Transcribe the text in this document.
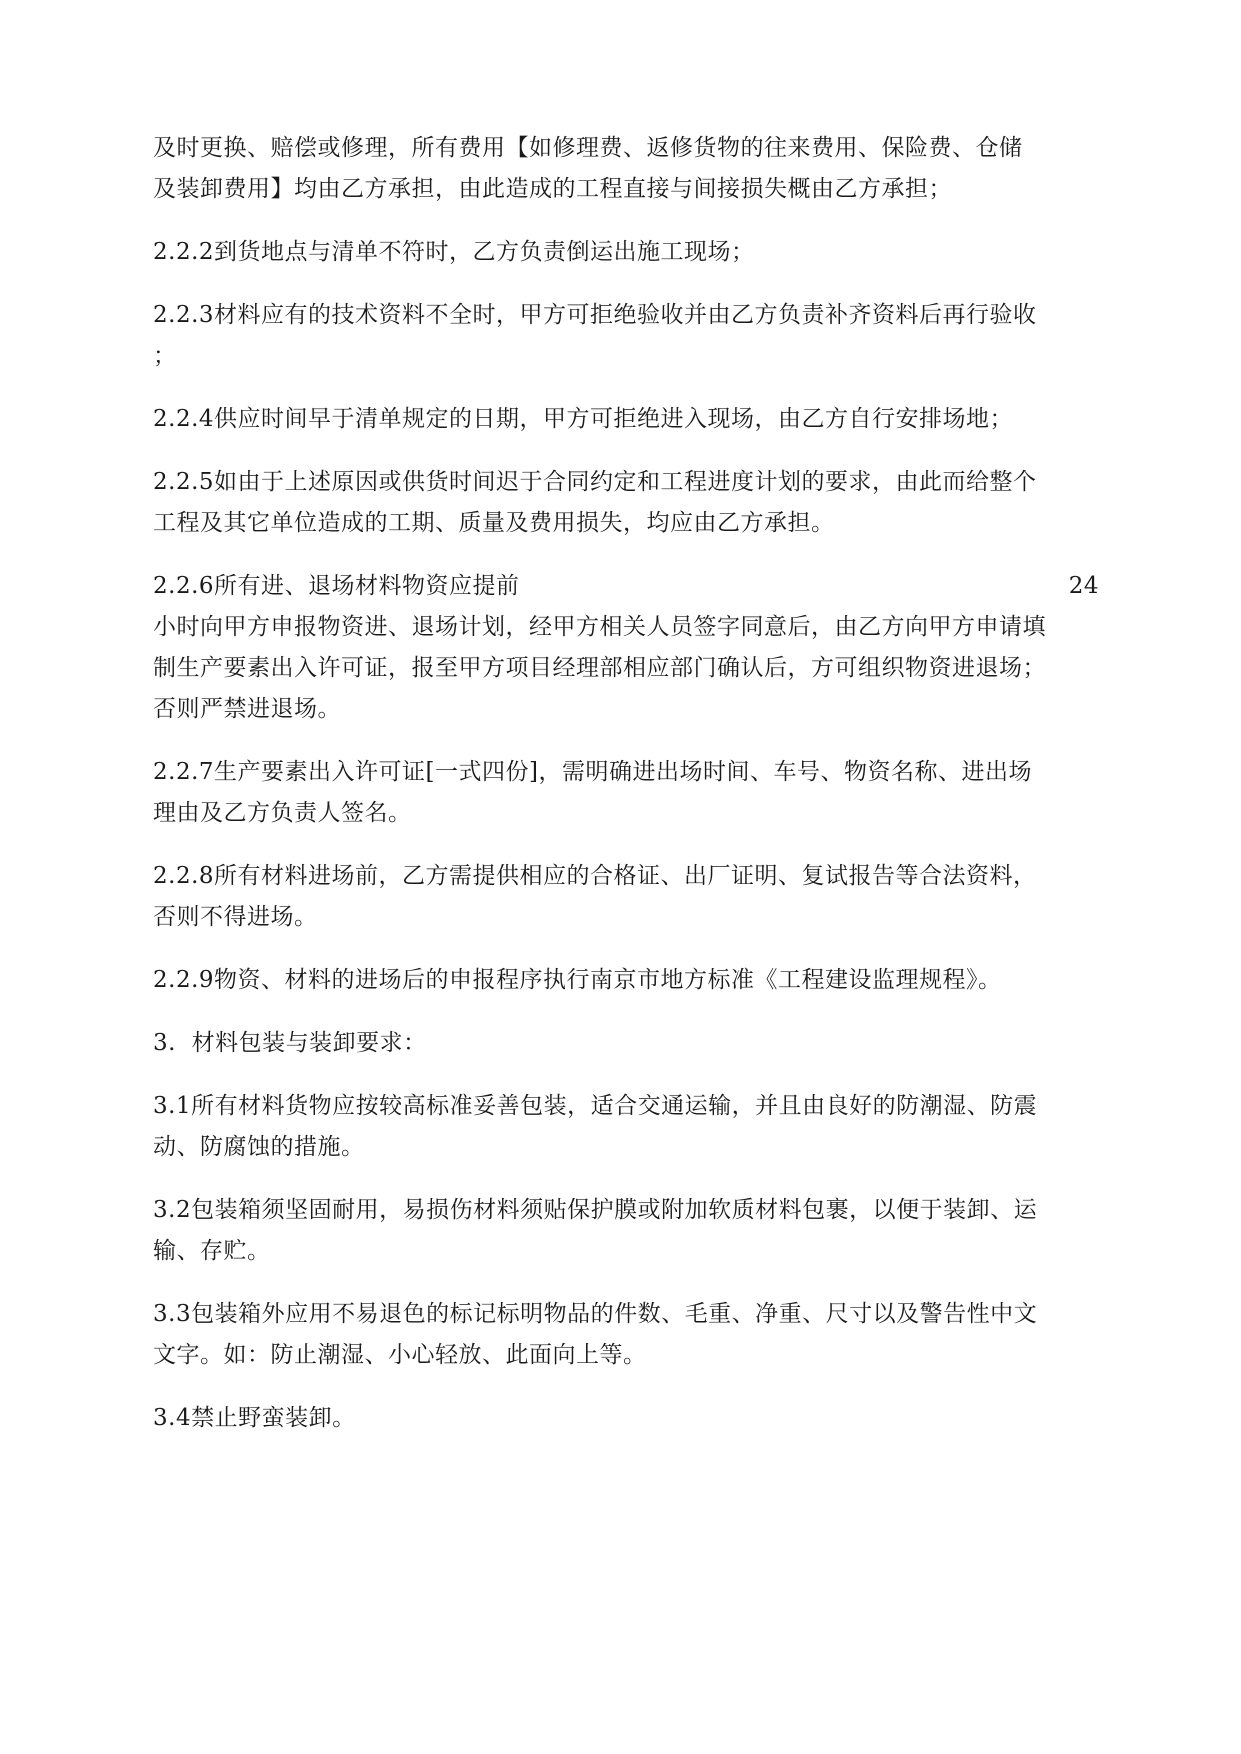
及时更换、赔偿或修理，所有费用【如修理费、返修货物的往来费用、保险费、仓储
及装卸费用】均由乙方承担，由此造成的工程直接与间接损失概由乙方承担；

2.2.2到货地点与清单不符时，乙方负责倒运出施工现场；

2.2.3材料应有的技术资料不全时，甲方可拒绝验收并由乙方负责补齐资料后再行验收
；

2.2.4供应时间早于清单规定的日期，甲方可拒绝进入现场，由乙方自行安排场地；

2.2.5如由于上述原因或供货时间迟于合同约定和工程进度计划的要求，由此而给整个
工程及其它单位造成的工期、质量及费用损失，均应由乙方承担。

2.2.6所有进、退场材料物资应提前	24
小时向甲方申报物资进、退场计划，经甲方相关人员签字同意后，由乙方向甲方申请填
制生产要素出入许可证，报至甲方项目经理部相应部门确认后，方可组织物资进退场；
否则严禁进退场。

2.2.7生产要素出入许可证[一式四份]，需明确进出场时间、车号、物资名称、进出场
理由及乙方负责人签名。

2.2.8所有材料进场前，乙方需提供相应的合格证、出厂证明、复试报告等合法资料，
否则不得进场。

2.2.9物资、材料的进场后的申报程序执行南京市地方标准《工程建设监理规程》。

3.  材料包装与装卸要求：

3.1所有材料货物应按较高标准妥善包装，适合交通运输，并且由良好的防潮湿、防震
动、防腐蚀的措施。

3.2包装箱须坚固耐用，易损伤材料须贴保护膜或附加软质材料包裹，以便于装卸、运
输、存贮。

3.3包装箱外应用不易退色的标记标明物品的件数、毛重、净重、尺寸以及警告性中文
文字。如：防止潮湿、小心轻放、此面向上等。

3.4禁止野蛮装卸。
